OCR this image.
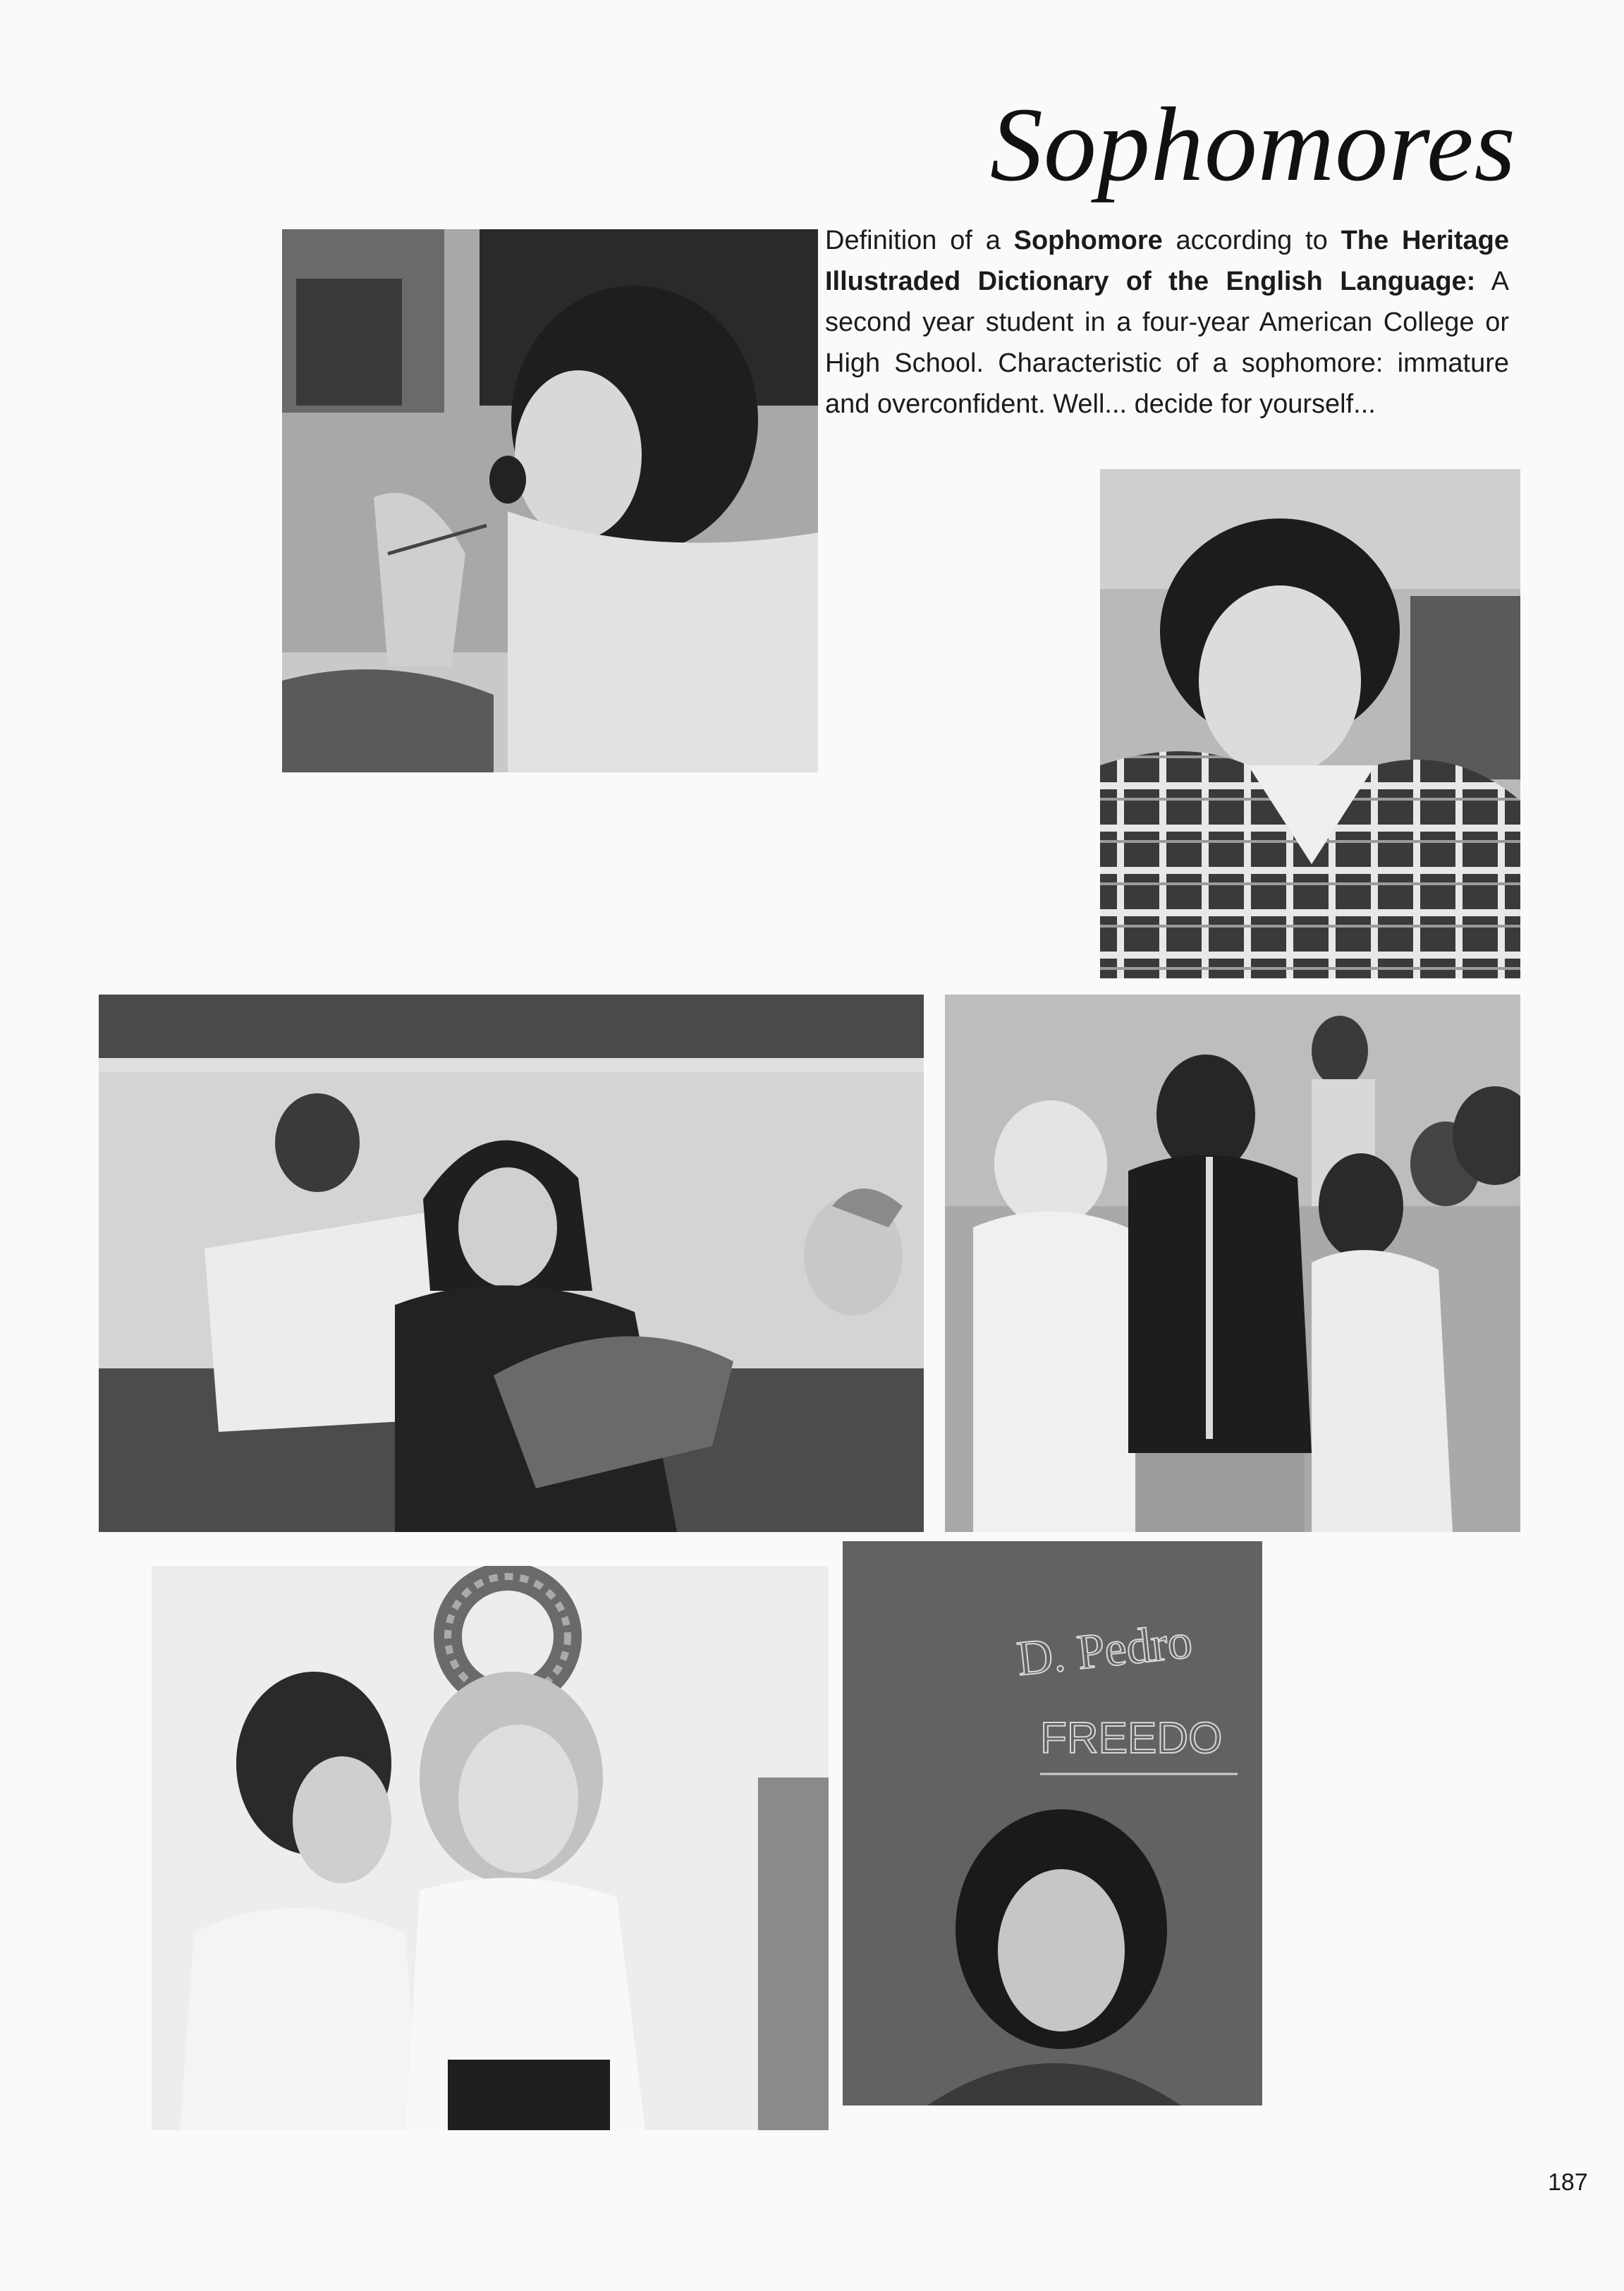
Sophomores
Definition of a Sophomore according to The Heritage Illustraded Dictionary of the English Language: A second year student in a four-year American College or High School. Characteristic of a sophomore: immature and overconfident. Well... decide for yourself...
D. Pedro
FREEDO
187
